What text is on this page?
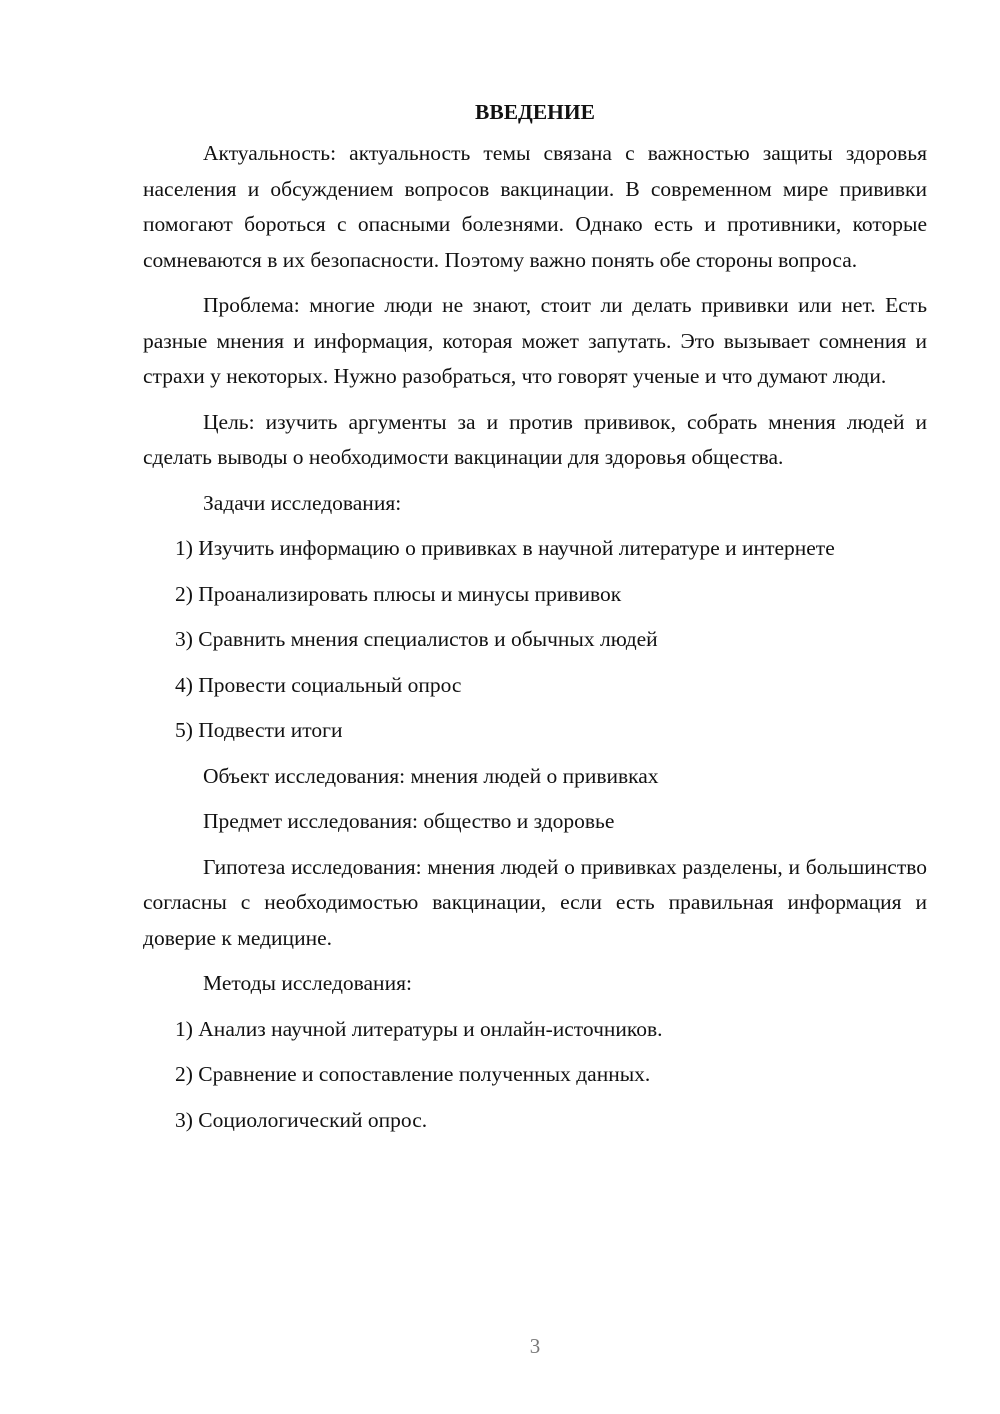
ВВЕДЕНИЕ

Актуальность: актуальность темы связана с важностью защиты здоровья населения и обсуждением вопросов вакцинации. В современном мире прививки помогают бороться с опасными болезнями. Однако есть и противники, которые сомневаются в их безопасности. Поэтому важно понять обе стороны вопроса.

Проблема: многие люди не знают, стоит ли делать прививки или нет. Есть разные мнения и информация, которая может запутать. Это вызывает сомнения и страхи у некоторых. Нужно разобраться, что говорят ученые и что думают люди.

Цель: изучить аргументы за и против прививок, собрать мнения людей и сделать выводы о необходимости вакцинации для здоровья общества.

Задачи исследования:

1) Изучить информацию о прививках в научной литературе и интернете

2) Проанализировать плюсы и минусы прививок

3) Сравнить мнения специалистов и обычных людей

4) Провести социальный опрос

5) Подвести итоги

Объект исследования: мнения людей о прививках

Предмет исследования: общество и здоровье

Гипотеза исследования: мнения людей о прививках разделены, и большинство согласны с необходимостью вакцинации, если есть правильная информация и доверие к медицине.

Методы исследования:

1) Анализ научной литературы и онлайн-источников.

2) Сравнение и сопоставление полученных данных.

3) Социологический опрос.

3
